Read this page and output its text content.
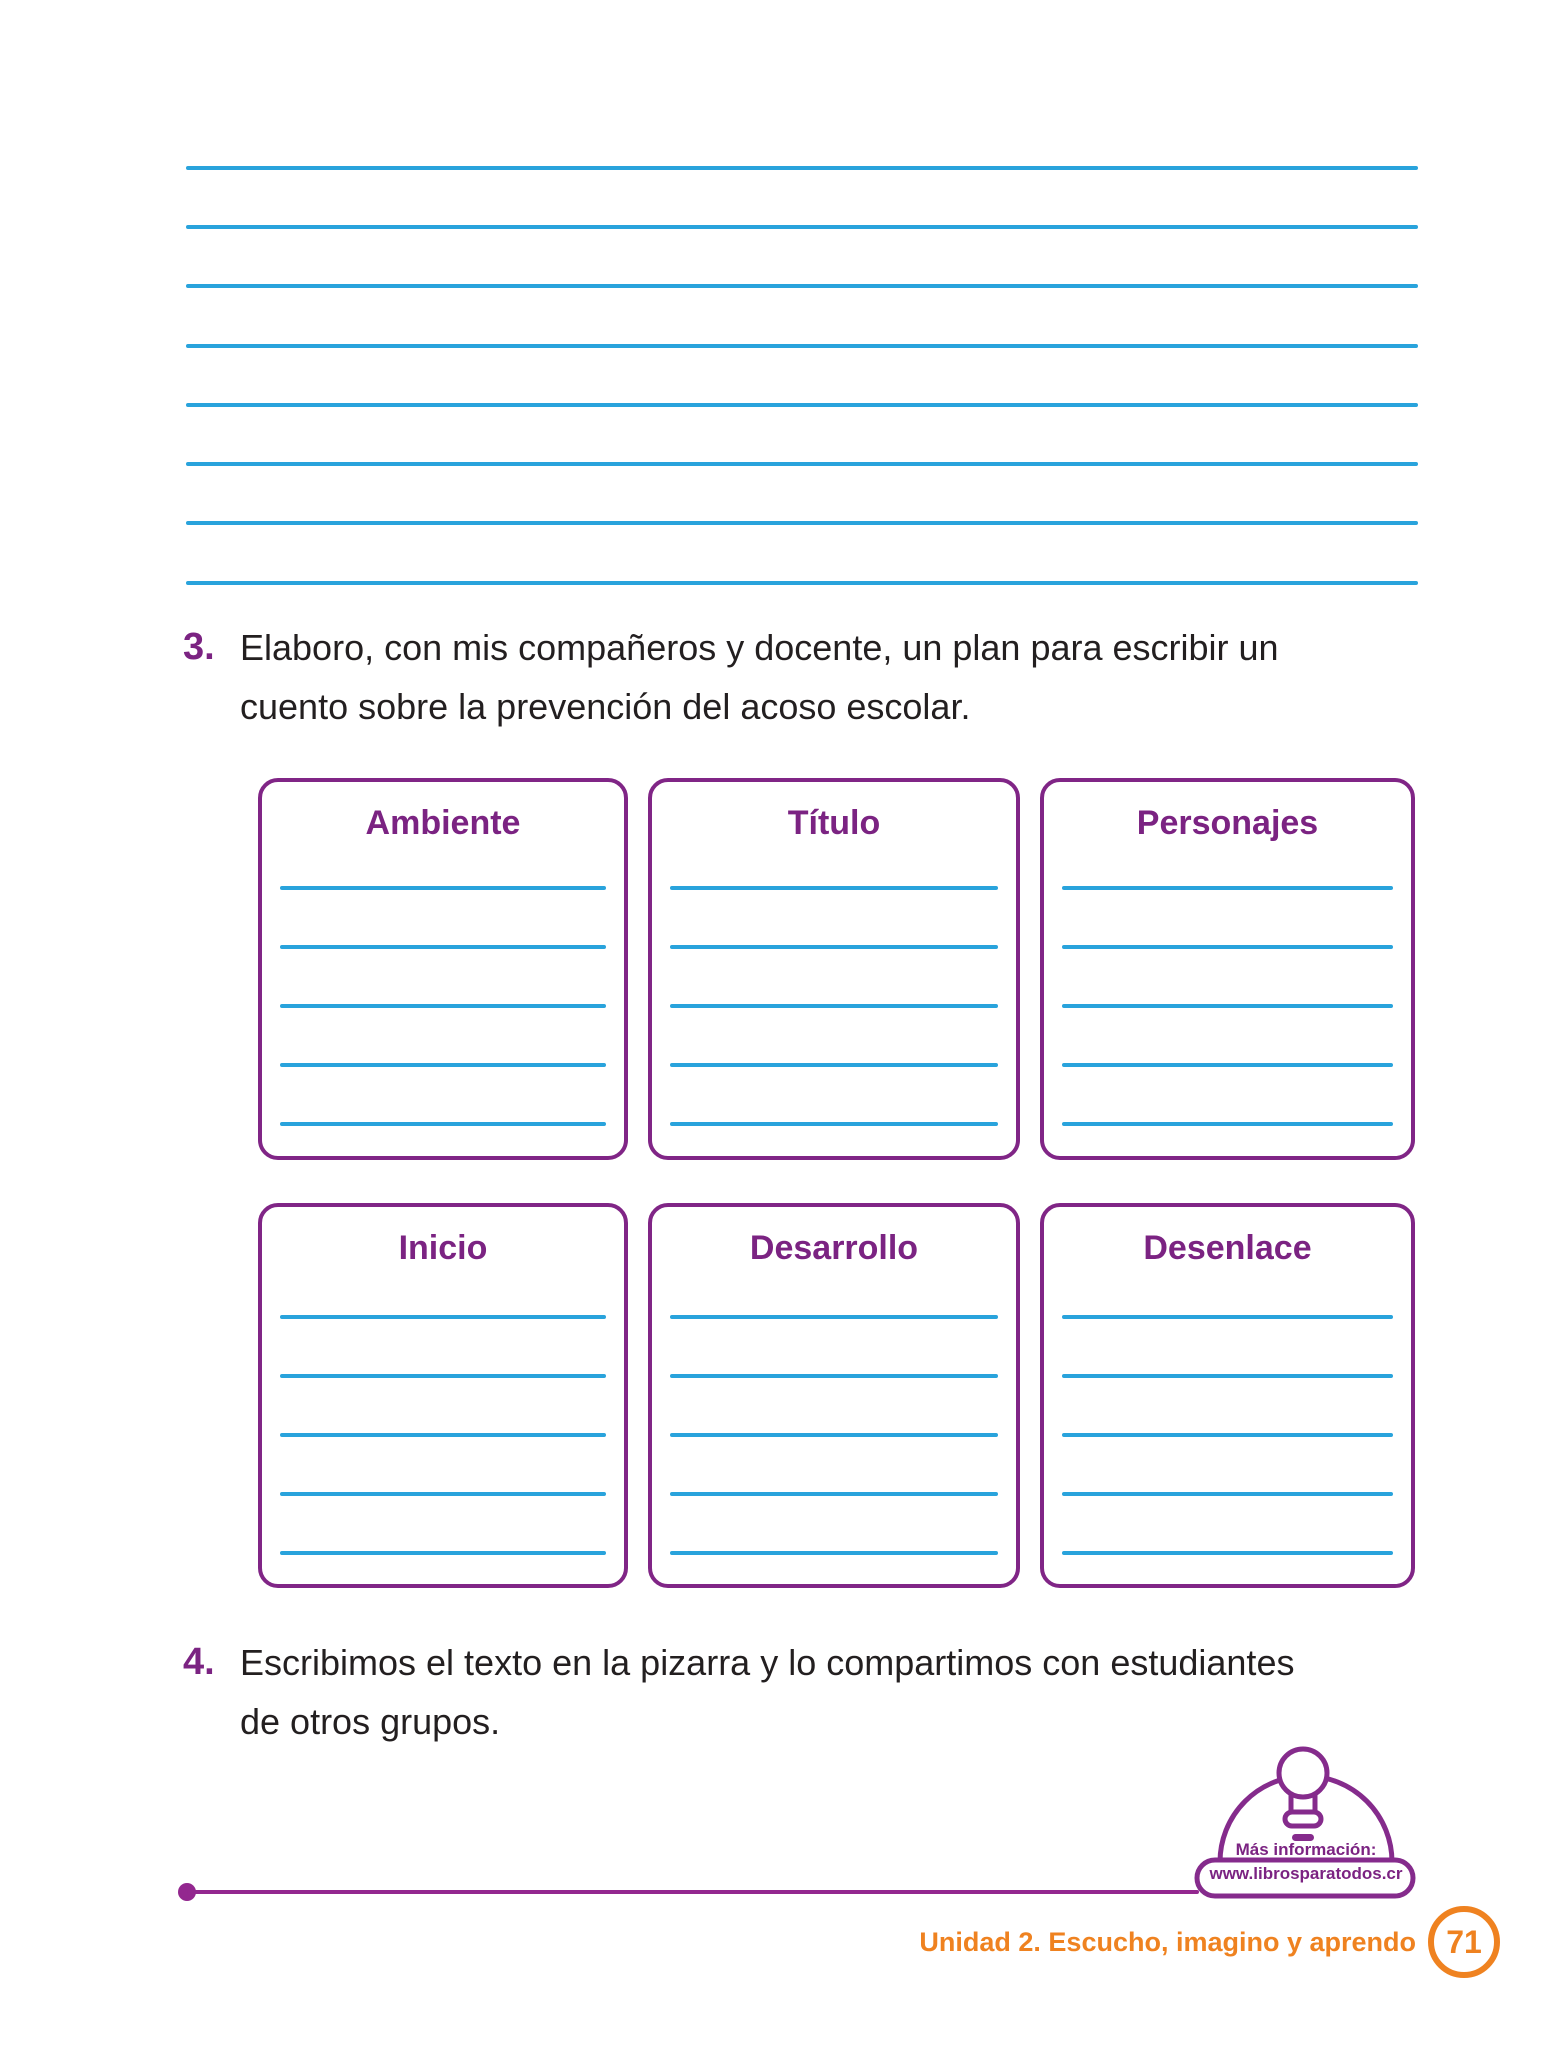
3. Elaboro, con mis compañeros y docente, un plan para escribir un
cuento sobre la prevención del acoso escolar.
Ambiente	Título	Personajes
Inicio	Desarrollo	Desenlace
4. Escribimos el texto en la pizarra y lo compartimos con estudiantes
de otros grupos.
Más información:
www.librosparatodos.cr
Unidad 2. Escucho, imagino y aprendo 71
